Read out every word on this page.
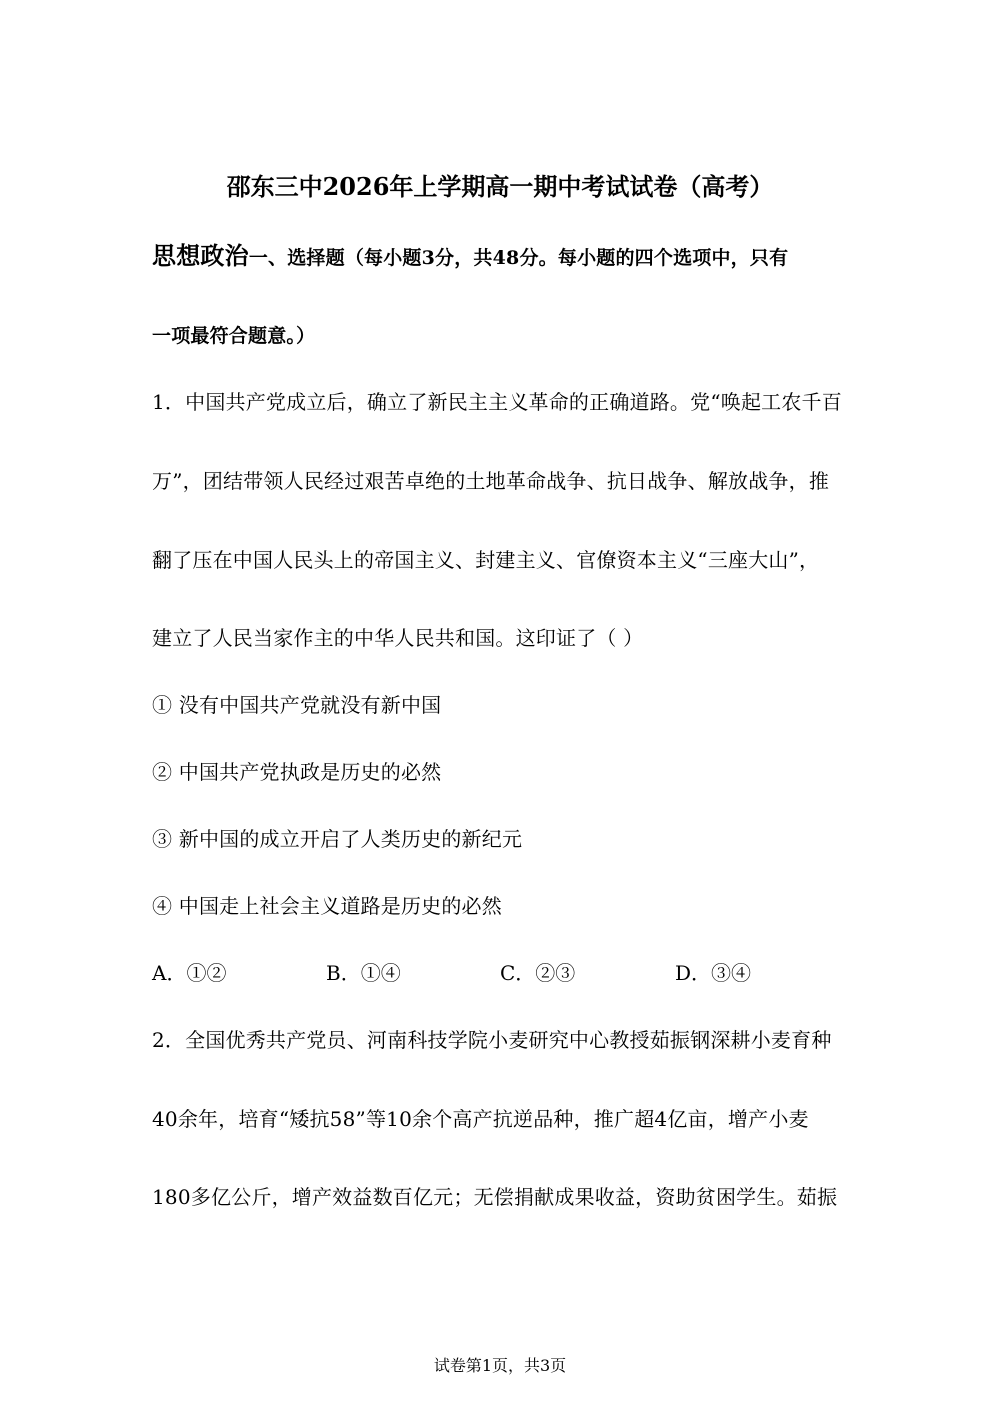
邵东三中2026年上学期高一期中考试试卷（高考）
思想政治一、选择题（每小题3分，共48分。每小题的四个选项中，只有
一项最符合题意。）
1．中国共产党成立后，确立了新民主主义革命的正确道路。党“唤起工农千百
万”，团结带领人民经过艰苦卓绝的土地革命战争、抗日战争、解放战争，推
翻了压在中国人民头上的帝国主义、封建主义、官僚资本主义“三座大山”，
建立了人民当家作主的中华人民共和国。这印证了（ ）
① 没有中国共产党就没有新中国
② 中国共产党执政是历史的必然
③ 新中国的成立开启了人类历史的新纪元
④ 中国走上社会主义道路是历史的必然
A．①②	B．①④	C．②③	D．③④
2．全国优秀共产党员、河南科技学院小麦研究中心教授茹振钢深耕小麦育种
40余年，培育“矮抗58”等10余个高产抗逆品种，推广超4亿亩，增产小麦
180多亿公斤，增产效益数百亿元；无偿捐献成果收益，资助贫困学生。茹振
试卷第1页，共3页
